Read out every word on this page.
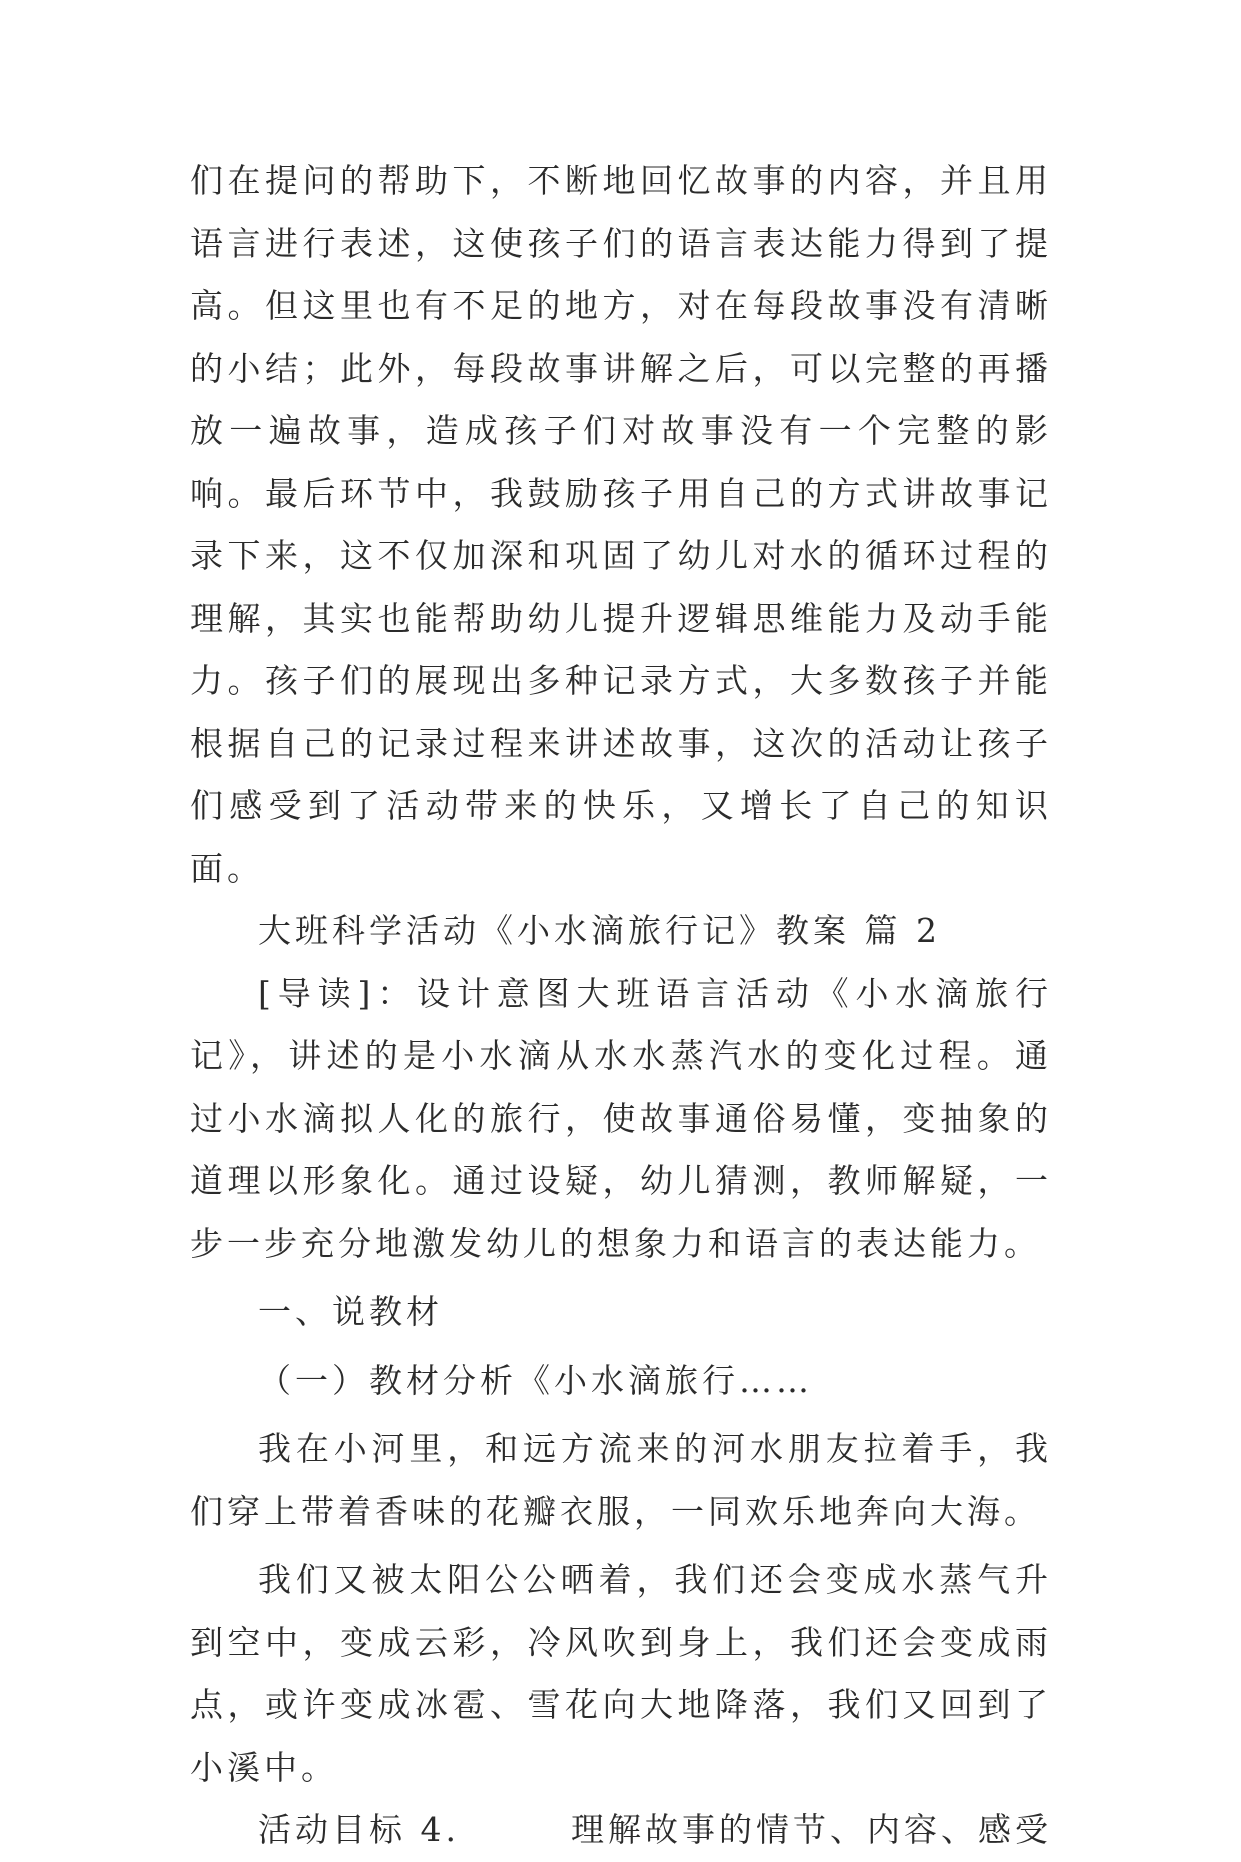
们在提问的帮助下，不断地回忆故事的内容，并且用语言进行表述，这使孩子们的语言表达能力得到了提高。但这里也有不足的地方，对在每段故事没有清晰的小结；此外，每段故事讲解之后，可以完整的再播放一遍故事，造成孩子们对故事没有一个完整的影响。最后环节中，我鼓励孩子用自己的方式讲故事记录下来，这不仅加深和巩固了幼儿对水的循环过程的理解，其实也能帮助幼儿提升逻辑思维能力及动手能力。孩子们的展现出多种记录方式，大多数孩子并能根据自己的记录过程来讲述故事，这次的活动让孩子们感受到了活动带来的快乐，又增长了自己的知识面。

大班科学活动《小水滴旅行记》教案 篇 2

[导读]：设计意图大班语言活动《小水滴旅行记》，讲述的是小水滴从水水蒸汽水的变化过程。通过小水滴拟人化的旅行，使故事通俗易懂，变抽象的道理以形象化。通过设疑，幼儿猜测，教师解疑，一步一步充分地激发幼儿的想象力和语言的表达能力。

一、说教材

（一）教材分析《小水滴旅行……

我在小河里，和远方流来的河水朋友拉着手，我们穿上带着香味的花瓣衣服，一同欢乐地奔向大海。

我们又被太阳公公晒着，我们还会变成水蒸气升到空中，变成云彩，冷风吹到身上，我们还会变成雨点，或许变成冰雹、雪花向大地降落，我们又回到了小溪中。

活动目标 4.	理解故事的情节、内容、感受
